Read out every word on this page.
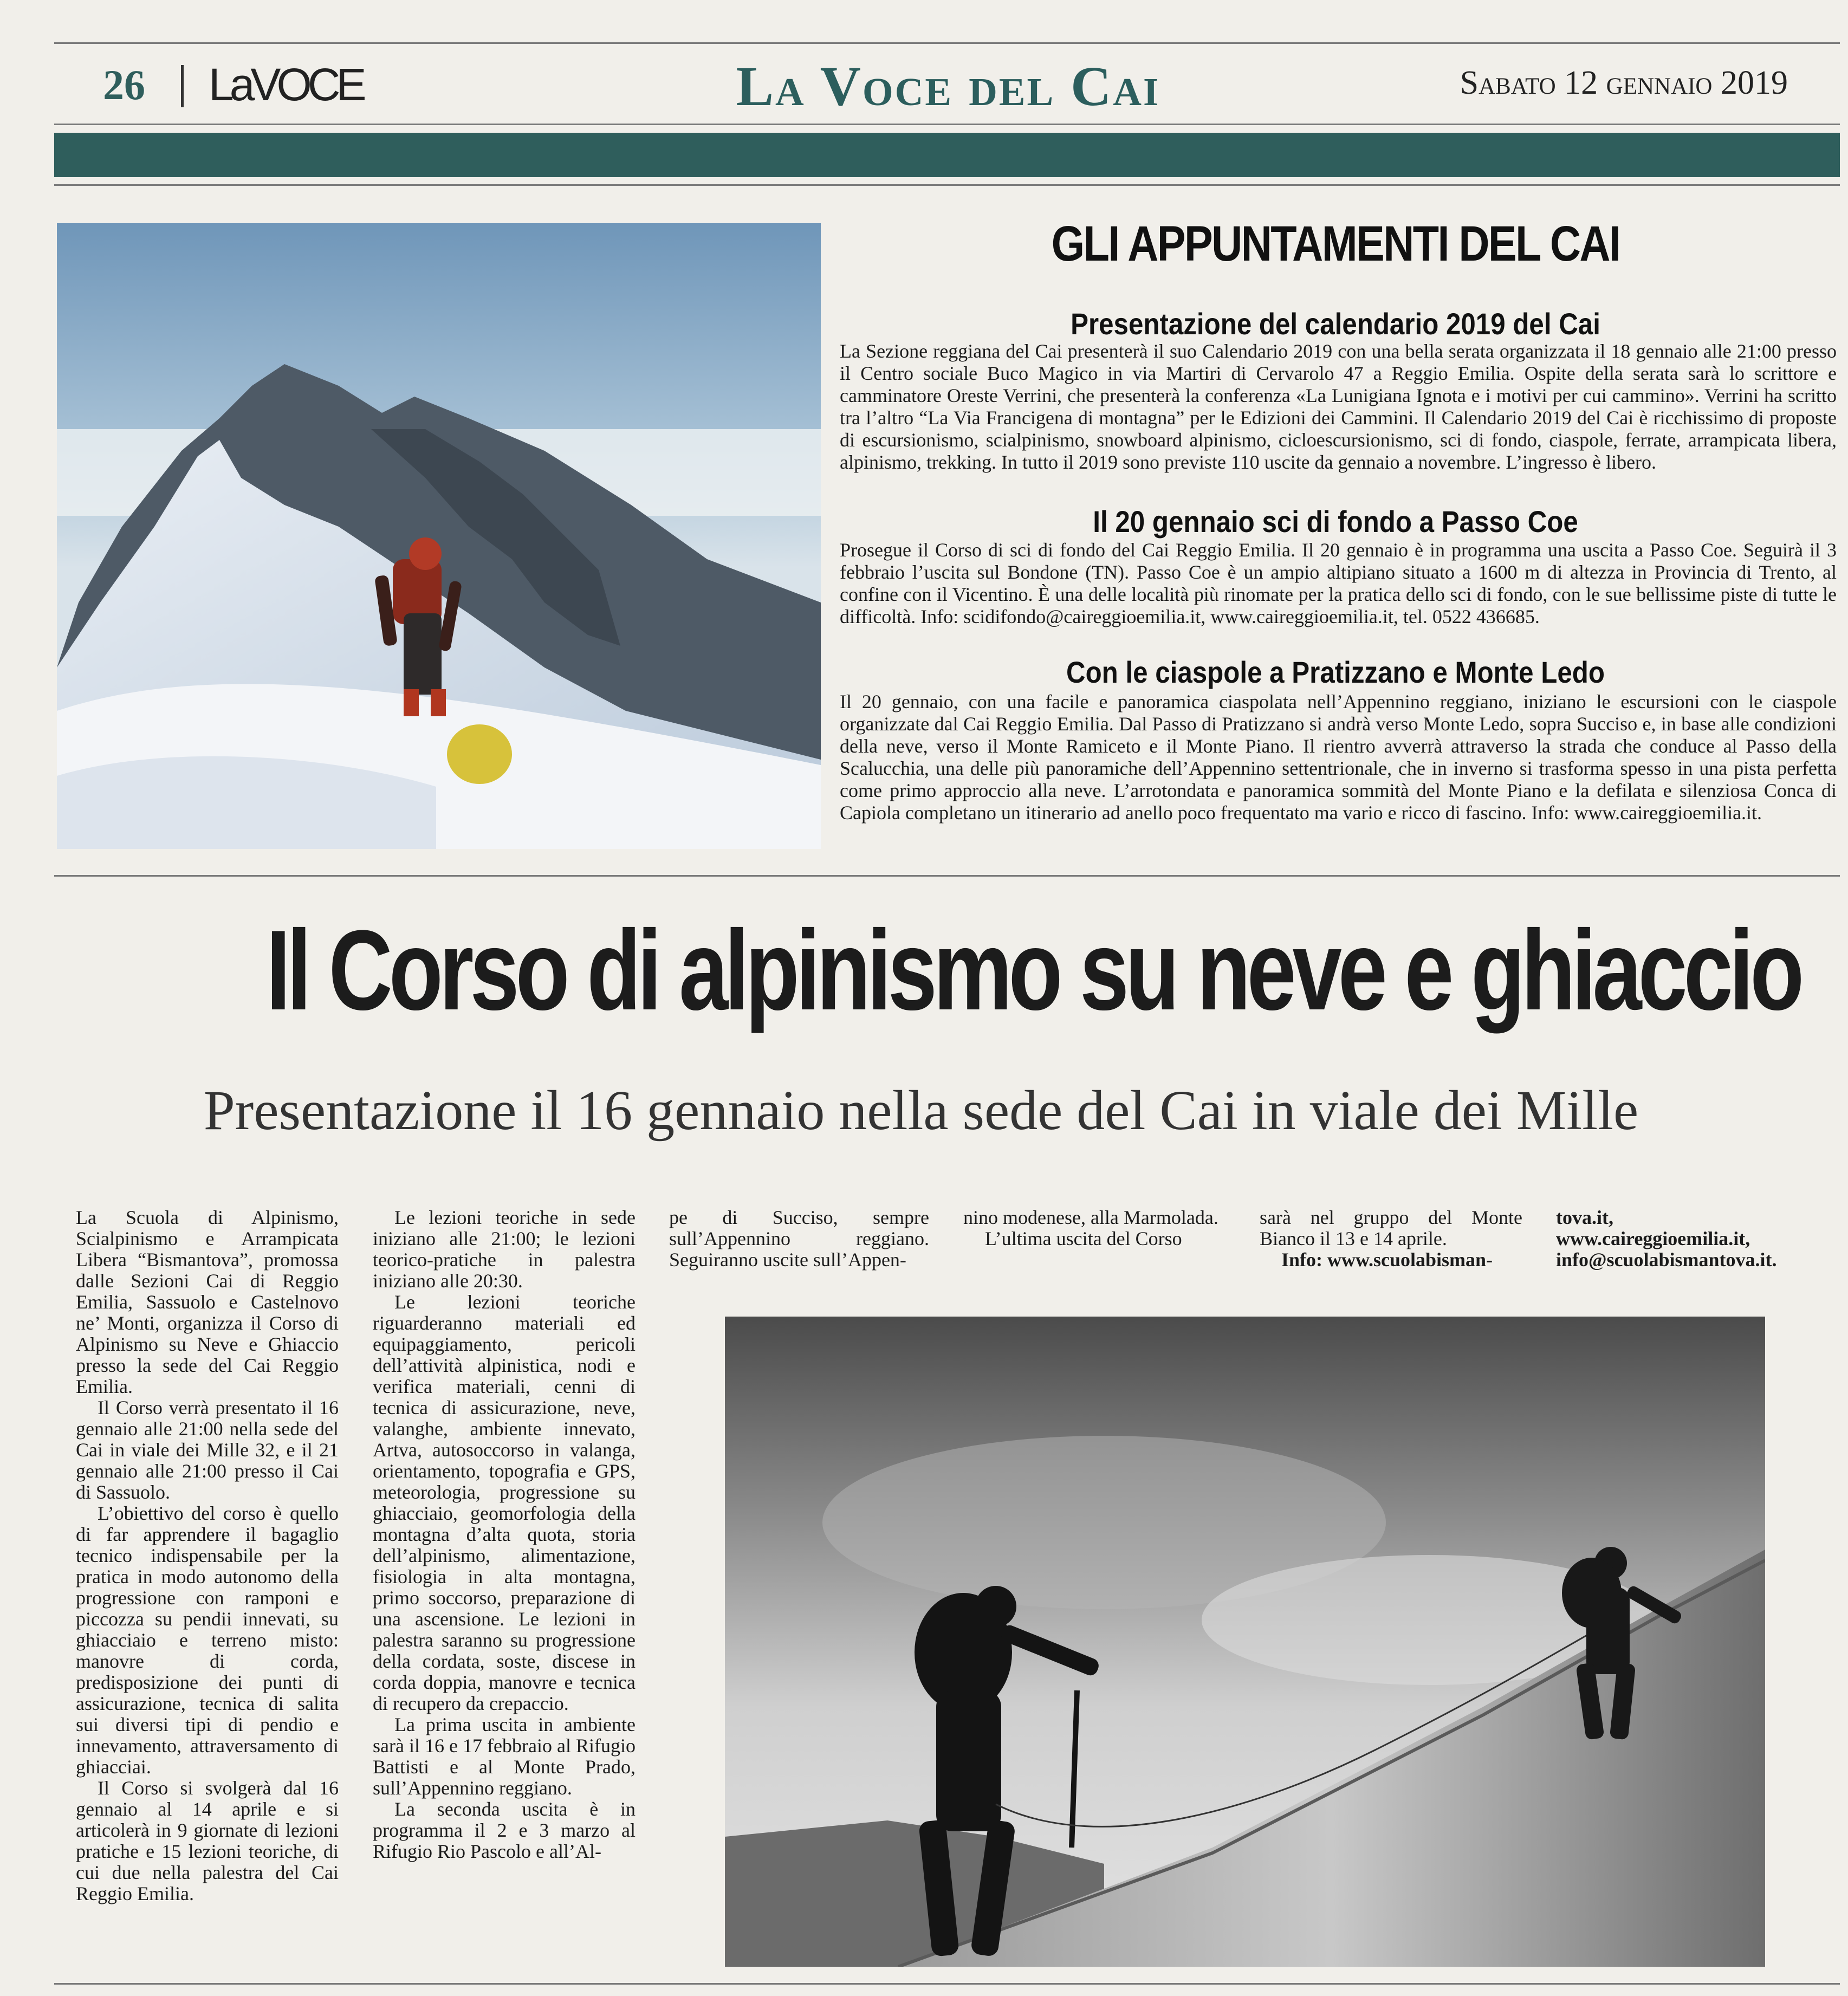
26 LaVOCE	La Voce del Cai	Sabato 12 gennaio 2019
GLI APPUNTAMENTI DEL CAI
Presentazione del calendario 2019 del Cai
La Sezione reggiana del Cai presenterà il suo Calendario 2019 con una bella serata organizzata il 18 gennaio alle 21:00 presso il Centro sociale Buco Magico in via Martiri di Cervarolo 47 a Reggio Emilia. Ospite della serata sarà lo scrittore e camminatore Oreste Verrini, che presenterà la conferenza «La Lunigiana Ignota e i motivi per cui cammino». Verrini ha scritto tra l’altro “La Via Francigena di montagna” per le Edizioni dei Cammini. Il Calendario 2019 del Cai è ricchissimo di proposte di escursionismo, scialpinismo, snowboard alpinismo, cicloescursionismo, sci di fondo, ciaspole, ferrate, arrampicata libera, alpinismo, trekking. In tutto il 2019 sono previste 110 uscite da gennaio a novembre. L’ingresso è libero.
Il 20 gennaio sci di fondo a Passo Coe
Prosegue il Corso di sci di fondo del Cai Reggio Emilia. Il 20 gennaio è in programma una uscita a Passo Coe. Seguirà il 3 febbraio l’uscita sul Bondone (TN). Passo Coe è un ampio altipiano situato a 1600 m di altezza in Provincia di Trento, al confine con il Vicentino. È una delle località più rinomate per la pratica dello sci di fondo, con le sue bellissime piste di tutte le difficoltà. Info: scidifondo@caireggioemilia.it, www.caireggioemilia.it, tel. 0522 436685.
Con le ciaspole a Pratizzano e Monte Ledo
Il 20 gennaio, con una facile e panoramica ciaspolata nell’Appennino reggiano, iniziano le escursioni con le ciaspole organizzate dal Cai Reggio Emilia. Dal Passo di Pratizzano si andrà verso Monte Ledo, sopra Succiso e, in base alle condizioni della neve, verso il Monte Ramiceto e il Monte Piano. Il rientro avverrà attraverso la strada che conduce al Passo della Scalucchia, una delle più panoramiche dell’Appennino settentrionale, che in inverno si trasforma spesso in una pista perfetta come primo approccio alla neve. L’arrotondata e panoramica sommità del Monte Piano e la defilata e silenziosa Conca di Capiola completano un itinerario ad anello poco frequentato ma vario e ricco di fascino. Info: www.caireggioemilia.it.
Il Corso di alpinismo su neve e ghiaccio
Presentazione il 16 gennaio nella sede del Cai in viale dei Mille

La Scuola di Alpinismo, Scialpinismo e Arrampicata Libera “Bismantova”, promossa dalle Sezioni Cai di Reggio Emilia, Sassuolo e Castelnovo ne’ Monti, organizza il Corso di Alpinismo su Neve e Ghiaccio presso la sede del Cai Reggio Emilia.

Il Corso verrà presentato il 16 gennaio alle 21:00 nella sede del Cai in viale dei Mille 32, e il 21 gennaio alle 21:00 presso il Cai di Sassuolo.

L’obiettivo del corso è quello di far apprendere il bagaglio tecnico indispensabile per la pratica in modo autonomo della progressione con ramponi e piccozza su pendii innevati, su ghiacciaio e terreno misto: manovre di corda, predisposizione dei punti di assicurazione, tecnica di salita sui diversi tipi di pendio e innevamento, attraversamento di ghiacciai.

Il Corso si svolgerà dal 16 gennaio al 14 aprile e si articolerà in 9 giornate di lezioni pratiche e 15 lezioni teoriche, di cui due nella palestra del Cai Reggio Emilia.

Le lezioni teoriche in sede iniziano alle 21:00; le lezioni teorico-pratiche in palestra iniziano alle 20:30.

Le lezioni teoriche riguarderanno materiali ed equipaggiamento, pericoli dell’attività alpinistica, nodi e verifica materiali, cenni di tecnica di assicurazione, neve, valanghe, ambiente innevato, Artva, autosoccorso in valanga, orientamento, topografia e GPS, meteorologia, progressione su ghiacciaio, geomorfologia della montagna d’alta quota, storia dell’alpinismo, alimentazione, fisiologia in alta montagna, primo soccorso, preparazione di una ascensione. Le lezioni in palestra saranno su progressione della cordata, soste, discese in corda doppia, manovre e tecnica di recupero da crepaccio.

La prima uscita in ambiente sarà il 16 e 17 febbraio al Rifugio Battisti e al Monte Prado, sull’Appennino reggiano.

La seconda uscita è in programma il 2 e 3 marzo al Rifugio Rio Pascolo e all’Al-

pe di Succiso, sempre sull’Appennino reggiano. Seguiranno uscite sull’Appen-

nino modenese, alla Marmolada.

L’ultima uscita del Corso

sarà nel gruppo del Monte Bianco il 13 e 14 aprile.

Info: www.scuolabisman-

tova.it, www.caireggioemilia.it, info@scuolabismantova.it.
